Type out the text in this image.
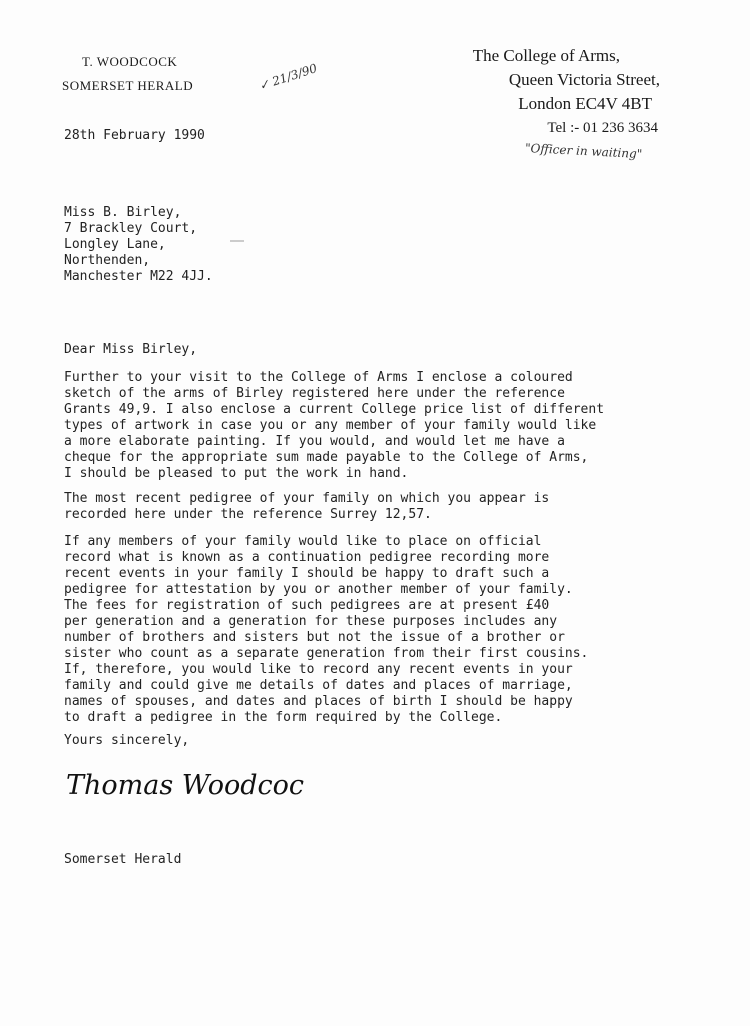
T. WOODCOCK
SOMERSET HERALD
The College of Arms,
Queen Victoria Street,
London EC4V 4BT
Tel :- 01 236 3634
✓ 21/3/90
"Officer in waiting"
28th February 1990
Miss B. Birley,
7 Brackley Court,
Longley Lane,
Northenden,
Manchester M22 4JJ.
Dear Miss Birley,
Further to your visit to the College of Arms I enclose a coloured
sketch of the arms of Birley registered here under the reference
Grants 49,9. I also enclose a current College price list of different
types of artwork in case you or any member of your family would like
a more elaborate painting. If you would, and would let me have a
cheque for the appropriate sum made payable to the College of Arms,
I should be pleased to put the work in hand.
The most recent pedigree of your family on which you appear is
recorded here under the reference Surrey 12,57.
If any members of your family would like to place on official
record what is known as a continuation pedigree recording more
recent events in your family I should be happy to draft such a
pedigree for attestation by you or another member of your family.
The fees for registration of such pedigrees are at present £40
per generation and a generation for these purposes includes any
number of brothers and sisters but not the issue of a brother or
sister who count as a separate generation from their first cousins.
If, therefore, you would like to record any recent events in your
family and could give me details of dates and places of marriage,
names of spouses, and dates and places of birth I should be happy
to draft a pedigree in the form required by the College.
Yours sincerely,
Thomas Woodcock.
Somerset Herald
